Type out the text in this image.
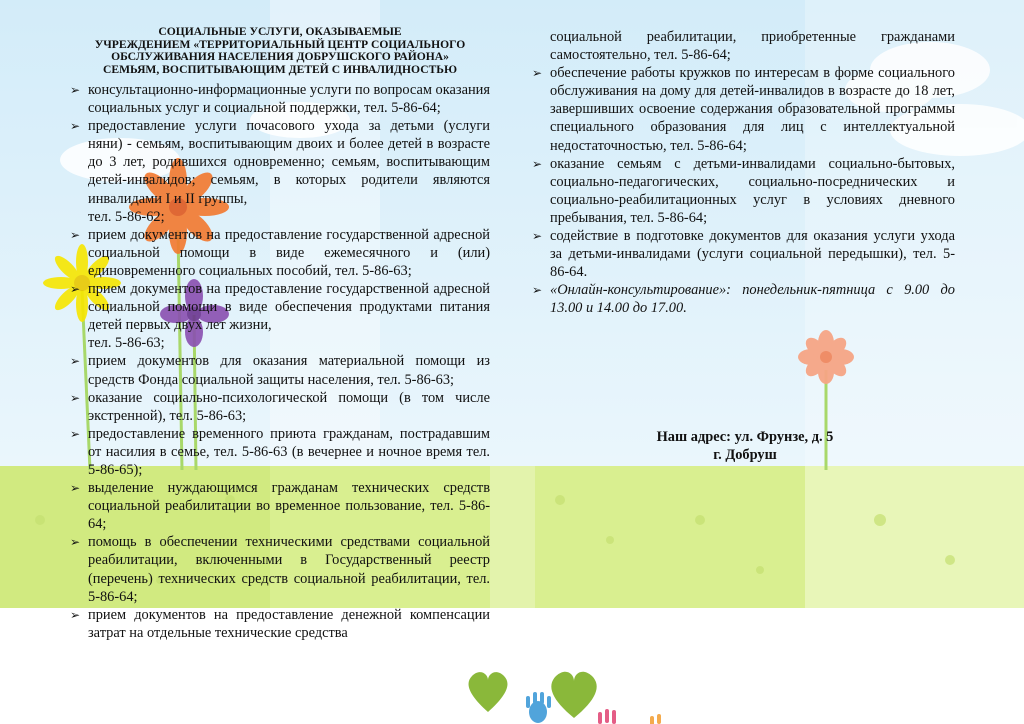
СОЦИАЛЬНЫЕ УСЛУГИ, ОКАЗЫВАЕМЫЕ
УЧРЕЖДЕНИЕМ «ТЕРРИТОРИАЛЬНЫЙ ЦЕНТР СОЦИАЛЬНОГО
ОБСЛУЖИВАНИЯ НАСЕЛЕНИЯ ДОБРУШСКОГО РАЙОНА»
СЕМЬЯМ, ВОСПИТЫВАЮЩИМ ДЕТЕЙ С ИНВАЛИДНОСТЬЮ
➢ консультационно-информационные услуги по вопросам оказания социальных услуг и социальной поддержки, тел. 5-86-64;
➢ предоставление услуги почасового ухода за детьми (услуги няни) - семьям, воспитывающим двоих и более детей в возрасте до 3 лет, родившихся одновременно; семьям, воспитывающим детей-инвалидов; семьям, в которых родители являются инвалидами I и II группы,
тел. 5-86-62;
➢ прием документов на предоставление государственной адресной социальной помощи в виде ежемесячного и (или) единовременного социальных пособий, тел. 5-86-63;
➢ прием документов на предоставление государственной адресной социальной помощи в виде обеспечения продуктами питания детей первых двух лет жизни,
тел. 5-86-63;
➢ прием документов для оказания материальной помощи из средств Фонда социальной защиты населения, тел. 5-86-63;
➢ оказание социально-психологической помощи (в том числе экстренной), тел. 5-86-63;
➢ предоставление временного приюта гражданам, пострадавшим от насилия в семье, тел. 5-86-63 (в вечернее и ночное время тел. 5-86-65);
➢ выделение нуждающимся гражданам технических средств социальной реабилитации во временное пользование, тел. 5-86-64;
➢ помощь в обеспечении техническими средствами социальной реабилитации, включенными в Государственный реестр (перечень) технических средств социальной реабилитации, тел. 5-86-64;
➢ прием документов на предоставление денежной компенсации затрат на отдельные технические средства
социальной реабилитации, приобретенные гражданами самостоятельно, тел. 5-86-64;
➢ обеспечение работы кружков по интересам в форме социального обслуживания на дому для детей-инвалидов в возрасте до 18 лет, завершивших освоение содержания образовательной программы специального образования для лиц с интеллектуальной недостаточностью, тел. 5-86-64;
➢ оказание семьям с детьми-инвалидами социально-бытовых, социально-педагогических, социально-посреднических и социально-реабилитационных услуг в условиях дневного пребывания, тел. 5-86-64;
➢ содействие в подготовке документов для оказания услуги ухода за детьми-инвалидами (услуги социальной передышки), тел. 5-86-64.
➢ «Онлайн-консультирование»: понедельник-пятница с 9.00 до 13.00 и 14.00 до 17.00.
Наш адрес: ул. Фрунзе, д. 5
г. Добруш
